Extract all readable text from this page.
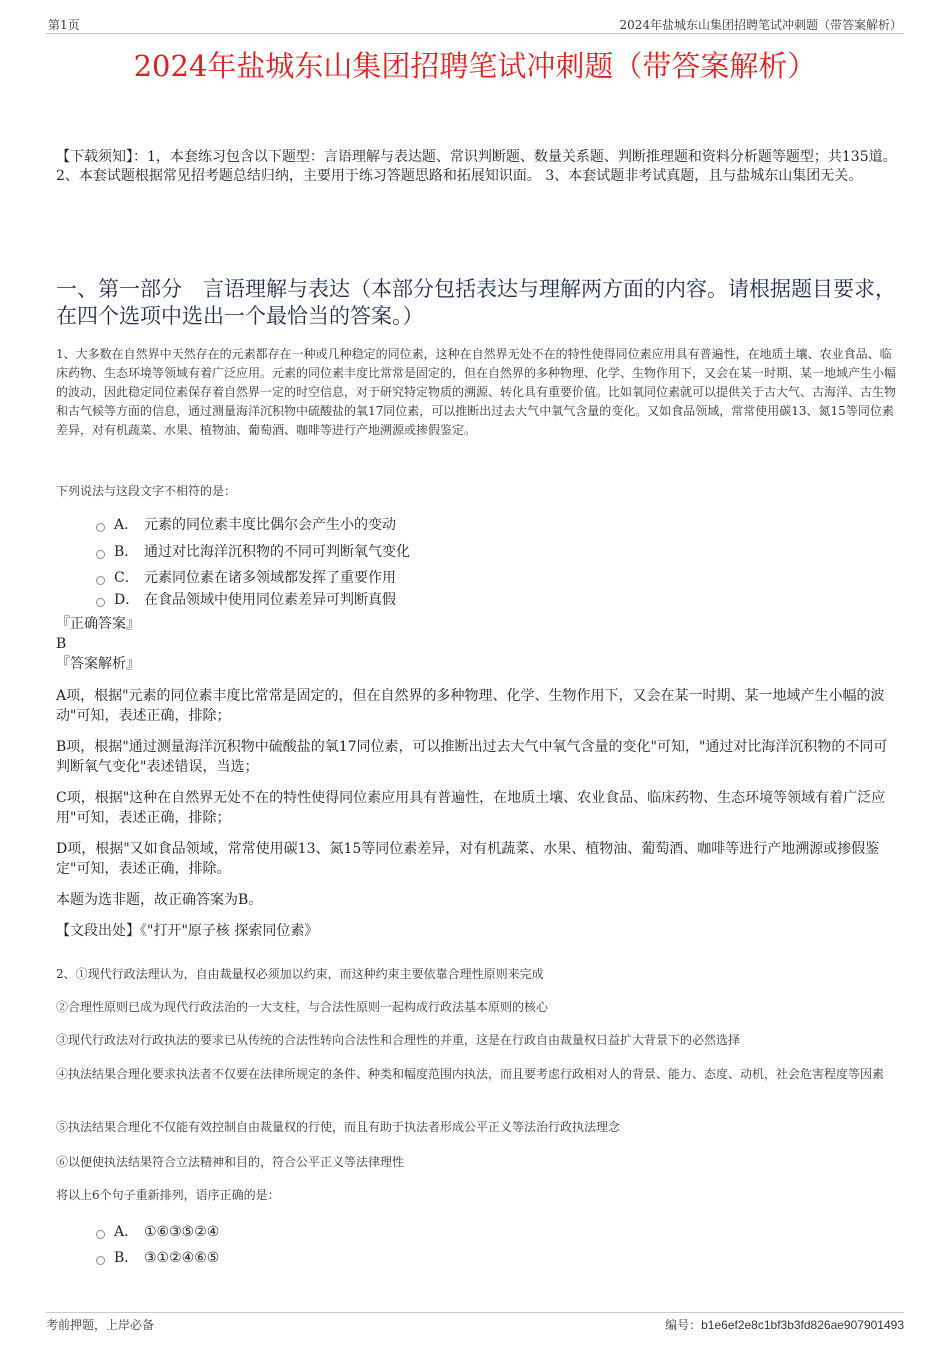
第1页	2024年盐城东山集团招聘笔试冲刺题（带答案解析）
2024年盐城东山集团招聘笔试冲刺题（带答案解析）
【下载须知】：1，本套练习包含以下题型：言语理解与表达题、常识判断题、数量关系题、判断推理题和资料分析题等题型；共135道。 2、本套试题根据常见招考题总结归纳，主要用于练习答题思路和拓展知识面。 3、本套试题非考试真题，且与盐城东山集团无关。
一、第一部分　言语理解与表达（本部分包括表达与理解两方面的内容。请根据题目要求，在四个选项中选出一个最恰当的答案。）
1、大多数在自然界中天然存在的元素都存在一种或几种稳定的同位素，这种在自然界无处不在的特性使得同位素应用具有普遍性，在地质土壤、农业食品、临床药物、生态环境等领域有着广泛应用。元素的同位素丰度比常常是固定的，但在自然界的多种物理、化学、生物作用下，又会在某一时期、某一地域产生小幅的波动，因此稳定同位素保存着自然界一定的时空信息，对于研究特定物质的溯源、转化具有重要价值。比如氧同位素就可以提供关于古大气、古海洋、古生物和古气候等方面的信息，通过测量海洋沉积物中硫酸盐的氧17同位素，可以推断出过去大气中氧气含量的变化。又如食品领域，常常使用碳13、氮15等同位素差异，对有机蔬菜、水果、植物油、葡萄酒、咖啡等进行产地溯源或掺假鉴定。
下列说法与这段文字不相符的是：
A． 元素的同位素丰度比偶尔会产生小的变动
B． 通过对比海洋沉积物的不同可判断氧气变化
C． 元素同位素在诸多领域都发挥了重要作用
D． 在食品领域中使用同位素差异可判断真假
『正确答案』
B
『答案解析』

A项，根据"元素的同位素丰度比常常是固定的，但在自然界的多种物理、化学、生物作用下，又会在某一时期、某一地域产生小幅的波动"可知，表述正确，排除；

B项，根据"通过测量海洋沉积物中硫酸盐的氧17同位素，可以推断出过去大气中氧气含量的变化"可知，"通过对比海洋沉积物的不同可判断氧气变化"表述错误，当选；

C项，根据"这种在自然界无处不在的特性使得同位素应用具有普遍性，在地质土壤、农业食品、临床药物、生态环境等领域有着广泛应用"可知，表述正确，排除；

D项，根据"又如食品领域，常常使用碳13、氮15等同位素差异，对有机蔬菜、水果、植物油、葡萄酒、咖啡等进行产地溯源或掺假鉴定"可知，表述正确，排除。

本题为选非题，故正确答案为B。

【文段出处】《"打开"原子核 探索同位素》

2、①现代行政法理认为，自由裁量权必须加以约束，而这种约束主要依靠合理性原则来完成
②合理性原则已成为现代行政法治的一大支柱，与合法性原则一起构成行政法基本原则的核心
③现代行政法对行政执法的要求已从传统的合法性转向合法性和合理性的并重，这是在行政自由裁量权日益扩大背景下的必然选择
④执法结果合理化要求执法者不仅要在法律所规定的条件、种类和幅度范围内执法，而且要考虑行政相对人的背景、能力、态度、动机，社会危害程度等因素
⑤执法结果合理化不仅能有效控制自由裁量权的行使，而且有助于执法者形成公平正义等法治行政执法理念
⑥以便使执法结果符合立法精神和目的，符合公平正义等法律理性
将以上6个句子重新排列，语序正确的是：
A． ①⑥③⑤②④
B． ③①②④⑥⑤
考前押题，上岸必备	编号：b1e6ef2e8c1bf3b3fd826ae907901493
